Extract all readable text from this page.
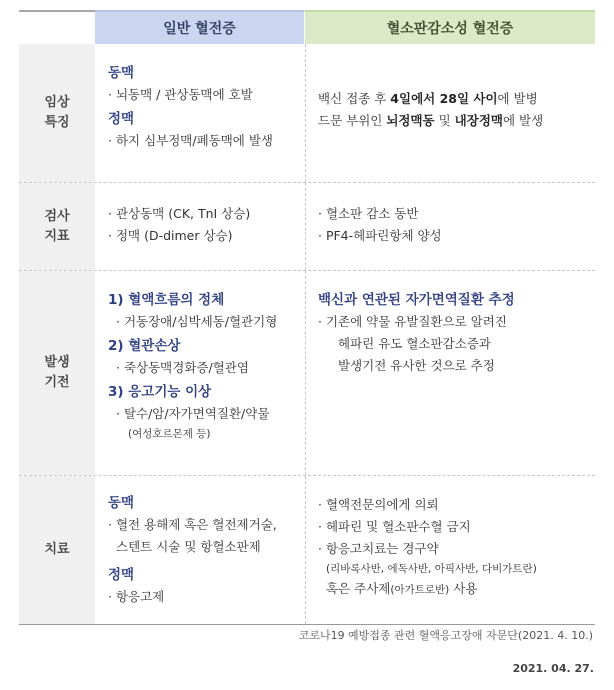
일반 혈전증	혈소판감소성 혈전증
임상
특징
동맥
· 뇌동맥 / 관상동맥에 호발
정맥
· 하지 심부정맥/폐동맥에 발생
백신 접종 후 4일에서 28일 사이에 발병
드문 부위인 뇌정맥동 및 내장정맥에 발생
검사
지표
· 관상동맥 (CK, TnI 상승)
· 정맥 (D-dimer 상승)
· 혈소판 감소 동반
· PF4-헤파린항체 양성
발생
기전
1) 혈액흐름의 정체
· 거동장애/심박세동/혈관기형
2) 혈관손상
· 죽상동맥경화증/혈관염
3) 응고기능 이상
· 탈수/암/자가면역질환/약물
(여성호르몬제 등)
백신과 연관된 자가면역질환 추정
· 기존에 약물 유발질환으로 알려진
헤파린 유도 혈소판감소증과
발생기전 유사한 것으로 추정
치료
동맥
· 혈전 용해제 혹은 혈전제거술,
스텐트 시술 및 항혈소판제
정맥
· 항응고제
· 혈액전문의에게 의뢰
· 헤파린 및 혈소판수혈 금지
· 항응고치료는 경구약
(리바록사반, 에독사반, 아픽사반, 다비가트란)
혹은 주사제(아가트로반) 사용
코로나19 예방접종 관련 혈액응고장애 자문단(2021. 4. 10.)
2021. 04. 27.
